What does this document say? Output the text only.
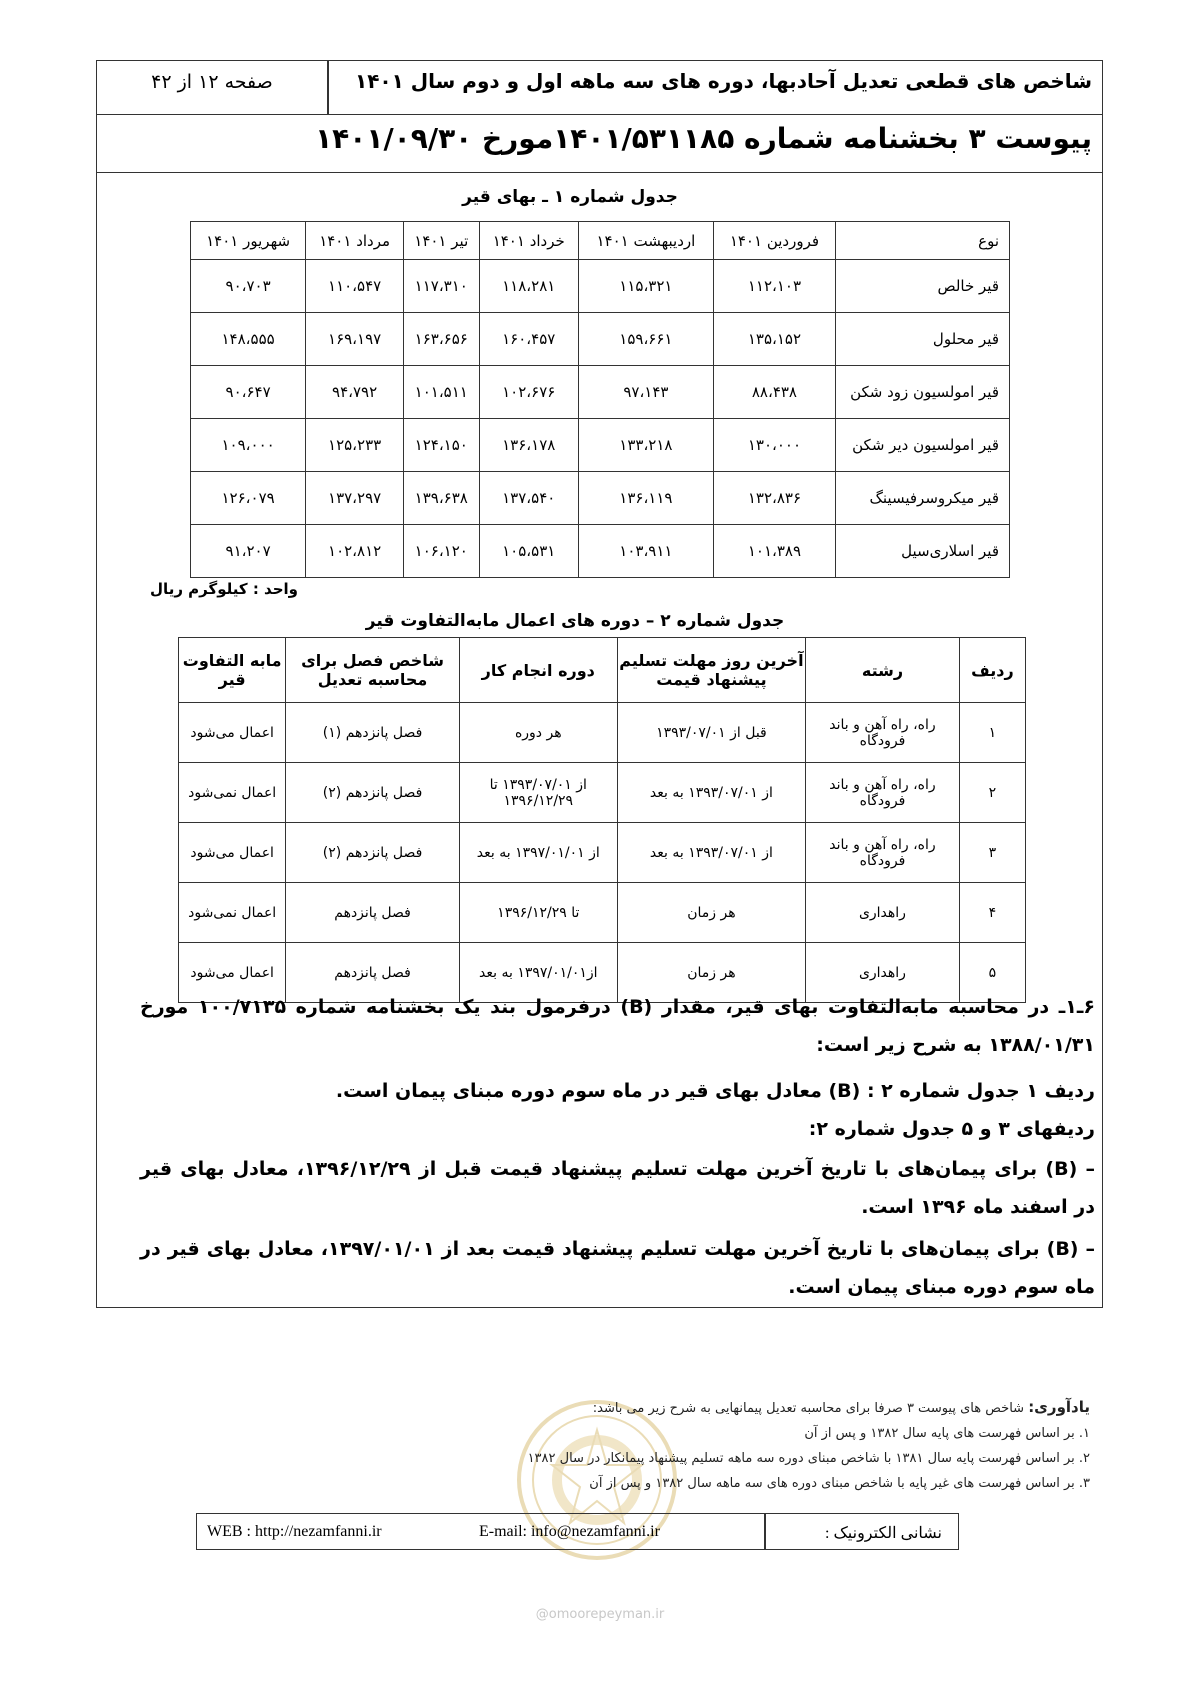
شاخص های قطعی تعدیل آحادبها، دوره های سه ماهه اول و دوم سال ۱۴۰۱
صفحه ۱۲ از ۴۲
پیوست ۳ بخشنامه شماره ۱۴۰۱/۵۳۱۱۸۵مورخ ۱۴۰۱/۰۹/۳۰
جدول شماره ۱ ـ بهای قیر
نوع	فروردین ۱۴۰۱	اردیبهشت ۱۴۰۱	خرداد ۱۴۰۱	تیر ۱۴۰۱	مرداد ۱۴۰۱	شهریور ۱۴۰۱
قیر خالص	۱۱۲،۱۰۳	۱۱۵،۳۲۱	۱۱۸،۲۸۱	۱۱۷،۳۱۰	۱۱۰،۵۴۷	۹۰،۷۰۳
قیر محلول	۱۳۵،۱۵۲	۱۵۹،۶۶۱	۱۶۰،۴۵۷	۱۶۳،۶۵۶	۱۶۹،۱۹۷	۱۴۸،۵۵۵
قیر امولسیون زود شکن	۸۸،۴۳۸	۹۷،۱۴۳	۱۰۲،۶۷۶	۱۰۱،۵۱۱	۹۴،۷۹۲	۹۰،۶۴۷
قیر امولسیون دیر شکن	۱۳۰،۰۰۰	۱۳۳،۲۱۸	۱۳۶،۱۷۸	۱۲۴،۱۵۰	۱۲۵،۲۳۳	۱۰۹،۰۰۰
قیر میکروسرفیسینگ	۱۳۲،۸۳۶	۱۳۶،۱۱۹	۱۳۷،۵۴۰	۱۳۹،۶۳۸	۱۳۷،۲۹۷	۱۲۶،۰۷۹
قیر اسلاری‌سیل	۱۰۱،۳۸۹	۱۰۳،۹۱۱	۱۰۵،۵۳۱	۱۰۶،۱۲۰	۱۰۲،۸۱۲	۹۱،۲۰۷
واحد : کیلوگرم ریال
جدول شماره ۲ – دوره های اعمال مابه‌التفاوت قیر
ردیف	رشته	آخرین روز مهلت تسلیم پیشنهاد قیمت	دوره انجام کار	شاخص فصل برای محاسبه تعدیل	مابه التفاوت قیر
۱	راه، راه آهن و باند فرودگاه	قبل از ۱۳۹۳/۰۷/۰۱	هر دوره	فصل پانزدهم (۱)	اعمال می‌شود
۲	راه، راه آهن و باند فرودگاه	از ۱۳۹۳/۰۷/۰۱ به بعد	از ۱۳۹۳/۰۷/۰۱ تا ۱۳۹۶/۱۲/۲۹	فصل پانزدهم (۲)	اعمال نمی‌شود
۳	راه، راه آهن و باند فرودگاه	از ۱۳۹۳/۰۷/۰۱ به بعد	از ۱۳۹۷/۰۱/۰۱ به بعد	فصل پانزدهم (۲)	اعمال می‌شود
۴	راهداری	هر زمان	تا ۱۳۹۶/۱۲/۲۹	فصل پانزدهم	اعمال نمی‌شود
۵	راهداری	هر زمان	از۱۳۹۷/۰۱/۰۱ به بعد	فصل پانزدهم	اعمال می‌شود
۶ـ۱ـ در محاسبه مابه‌التفاوت بهای قیر، مقدار (B) درفرمول بند یک بخشنامه شماره ۱۰۰/۷۱۳۵ مورخ ۱۳۸۸/۰۱/۳۱ به شرح زیر است:
ردیف ۱ جدول شماره ۲ : (B) معادل بهای قیر در ماه سوم دوره مبنای پیمان است.
ردیفهای ۳ و ۵ جدول شماره ۲:
– (B) برای پیمان‌های با تاریخ آخرین مهلت تسلیم پیشنهاد قیمت قبل از ۱۳۹۶/۱۲/۲۹، معادل بهای قیر در اسفند ماه ۱۳۹۶ است.
– (B) برای پیمان‌های با تاریخ آخرین مهلت تسلیم پیشنهاد قیمت بعد از ۱۳۹۷/۰۱/۰۱، معادل بهای قیر در ماه سوم دوره مبنای پیمان است.
یادآوری: شاخص های پیوست ۳ صرفا برای محاسبه تعدیل پیمانهایی به شرح زیر می باشد:
۱. بر اساس فهرست های پایه سال ۱۳۸۲ و پس از آن
۲. بر اساس فهرست پایه سال ۱۳۸۱ با شاخص مبنای دوره سه ماهه تسلیم پیشنهاد پیمانکار در سال ۱۳۸۲
۳. بر اساس فهرست های غیر پایه با شاخص مبنای دوره های سه ماهه سال ۱۳۸۲ و پس از آن
نشانی الکترونیک :
E-mail: info@nezamfanni.ir
WEB : http://nezamfanni.ir
@omoorepeyman.ir
